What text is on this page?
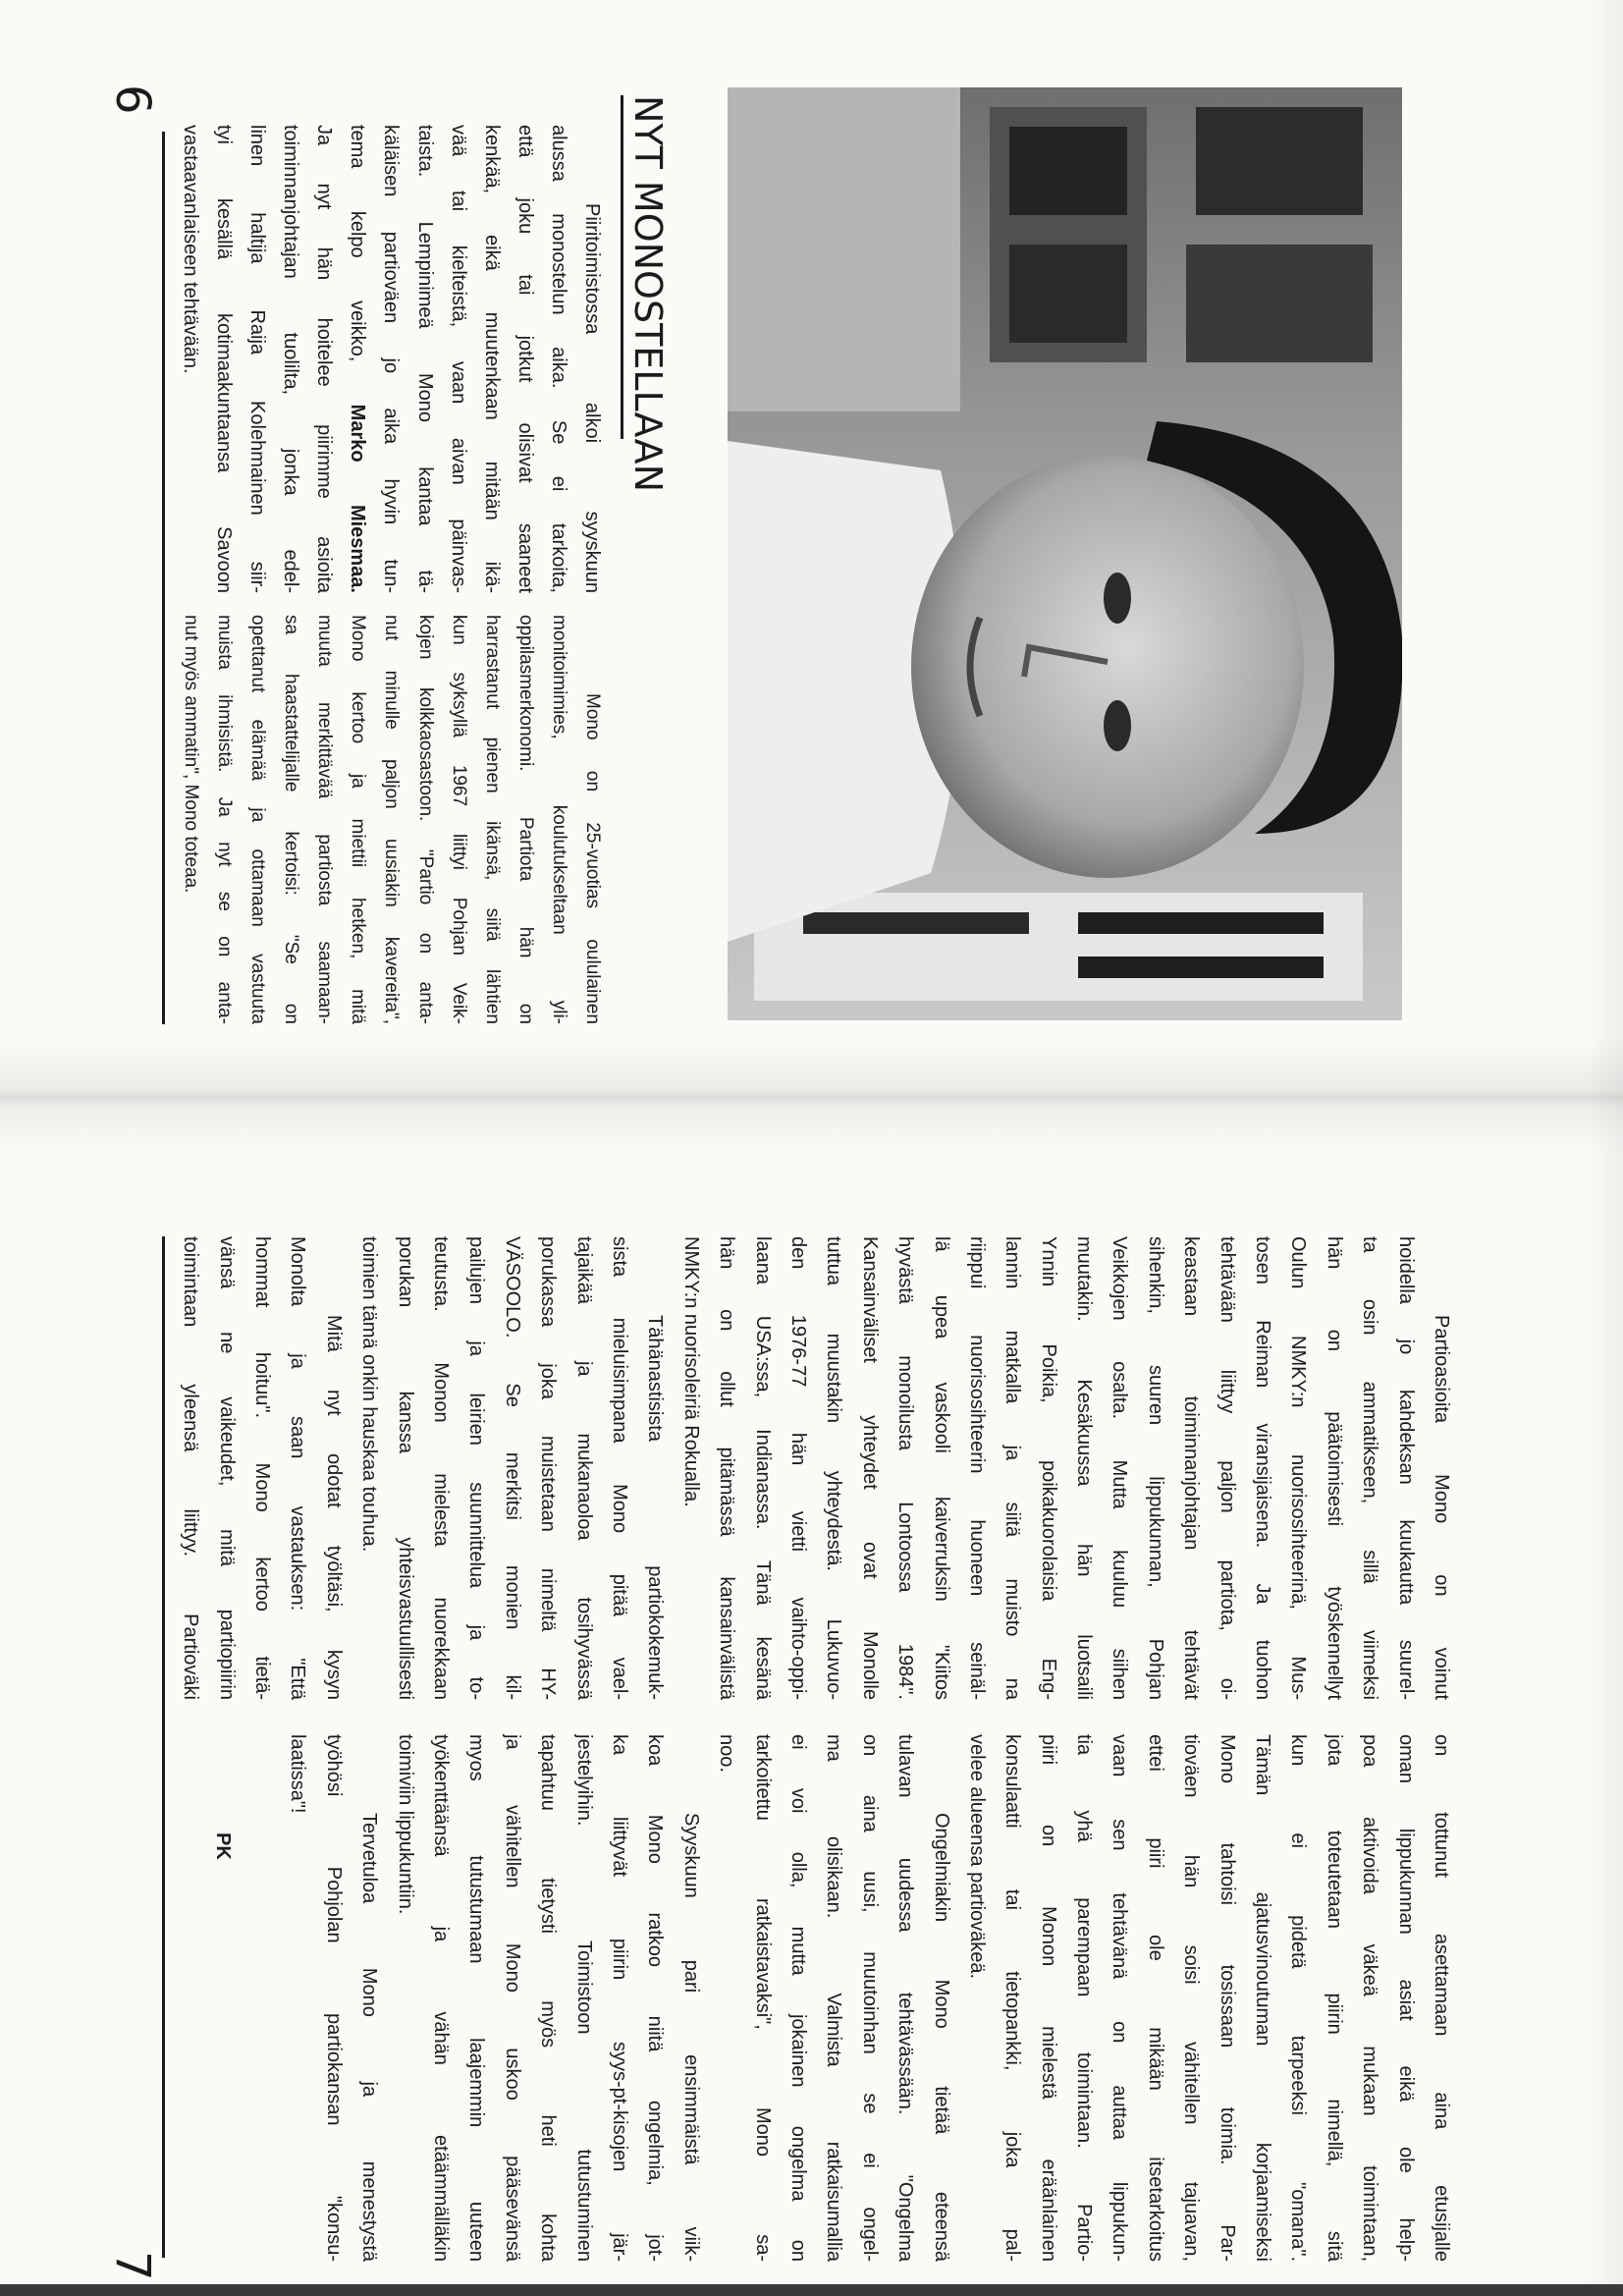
NYT MONOSTELLAAN
Piiritoimistossa alkoi syyskuun
alussa monostelun aika. Se ei tarkoita,
että joku tai jotkut olisivat saaneet
kenkää, eikä muutenkaan mitään ikä-
vää tai kielteistä, vaan aivan päinvas-
taista. Lempinimeä Mono kantaa tä-
käläisen partioväen jo aika hyvin tun-
tema kelpo veikko, Marko Miesmaa.
Ja nyt hän hoitelee piirimme asioita
toiminnanjohtajan tuolilta, jonka edel-
linen haltija Raija Kolehmainen siir-
tyi kesällä kotimaakuntaansa Savoon
vastaavanlaiseen tehtävään.
Mono on 25-vuotias oululainen
monitoimimies, koulutukseltaan yli-
oppilasmerkonomi. Partiota hän on
harrastanut pienen ikänsä, siitä lähtien
kun syksyllä 1967 liittyi Pohjan Veik-
kojen kolkkaosastoon. "Partio on anta-
nut minulle paljon uusiakin kavereita",
Mono kertoo ja miettii hetken, mitä
muuta merkittävää partiosta saamaan-
sa haastattelijalle kertoisi: "Se on
opettanut elämää ja ottamaan vastuuta
muista ihmisistä. Ja nyt se on anta-
nut myös ammatin", Mono toteaa.
6
Partioasioita Mono on voinut
hoidella jo kahdeksan kuukautta suurel-
ta osin ammatikseen, sillä viimeksi
hän on päätoimisesti työskennellyt
Oulun NMKY:n nuorisosihteerinä, Mus-
tosen Reiman viransijaisena. Ja tuohon
tehtävään liittyy paljon partiota, oi-
keastaan toiminnanjohtajan tehtävät
sihenkin, suuren lippukunnan, Pohjan
Veikkojen osalta. Mutta kuuluu siihen
muutakin. Kesäkuussa hän luotsaili
Ynnin Poikia, poikakuorolaisia Eng-
lannin matkalla ja siitä muisto na
riippui nuorisosihteerin huoneen seinäl-
lä upea vaskooli kaiverruksin "Kiitos
hyvästä monoilusta Lontoossa 1984".
Kansainväliset yhteydet ovat Monolle
tuttua muustakin yhteydestä. Lukuvuo-
den 1976-77 hän vietti vaihto-oppi-
laana USA:ssa, Indianassa. Tänä kesänä
hän on ollut pitämässä kansainvälistä
NMKY:n nuorisoleiriä Rokualla.
Tähänastisista partiokokemuk-
sista mieluisimpana Mono pitää vael-
tajaikää ja mukanaoloa tosihyvässä
porukassa joka muistetaan nimeltä HY-
VÄSOOLO. Se merkitsi monien kil-
pailujen ja leirien suunnittelua ja to-
teutusta. Monon mielesta nuorekkaan
porukan kanssa yhteisvastuullisesti
toimien tämä onkin hauskaa touhua.
Mitä nyt odotat työltäsi, kysyn
Monolta ja saan vastauksen: "Että
hommat hoituu". Mono kertoo tietä-
vänsä ne vaikeudet, mitä partiopiirin
toimintaan yleensä liittyy. Partioväki
on tottunut asettamaan aina etusijalle
oman lippukunnan asiat eikä ole help-
poa aktivoida väkeä mukaan toimintaan,
jota toteutetaan piirin nimellä, sitä
kun ei pidetä tarpeeksi "omana".
Tämän ajatusvinoutuman korjaamiseksi
Mono tahtoisi tosissaan toimia. Par-
tioväen hän soisi vähitellen tajuavan,
ettei piiri ole mikään itsetarkoitus
vaan sen tehtävänä on auttaa lippukun-
tia yhä parempaan toimintaan. Partio-
piiri on Monon mielestä eräänlainen
konsulaatti tai tietopankki, joka pal-
velee alueensa partioväkeä.
Ongelmiakin Mono tietää eteensä
tulavan uudessa tehtävässään. "Ongelma
on aina uusi, muutoinhan se ei ongel-
ma olisikaan. Valmista ratkaisumallia
ei voi olla, mutta jokainen ongelma on
tarkoitettu ratkaistavaksi", Mono sa-
noo.
Syyskuun pari ensimmäistä viik-
koa Mono ratkoo niitä ongelmia, jot-
ka liittyvät piirin syys-pt-kisojen jär-
jestelyihin. Toimistoon tutustuminen
tapahtuu tietysti myös heti kohta
ja vähitellen Mono uskoo pääsevänsä
myos tutustumaan laajemmin uuteen
työkenttäänsä ja vähän etäämmälläkin
toimiviin lippukuntiin.
Tervetuloa Mono ja menestystä
työhösi Pohjolan partiokansan "konsu-
laatissa"!
PK
7
